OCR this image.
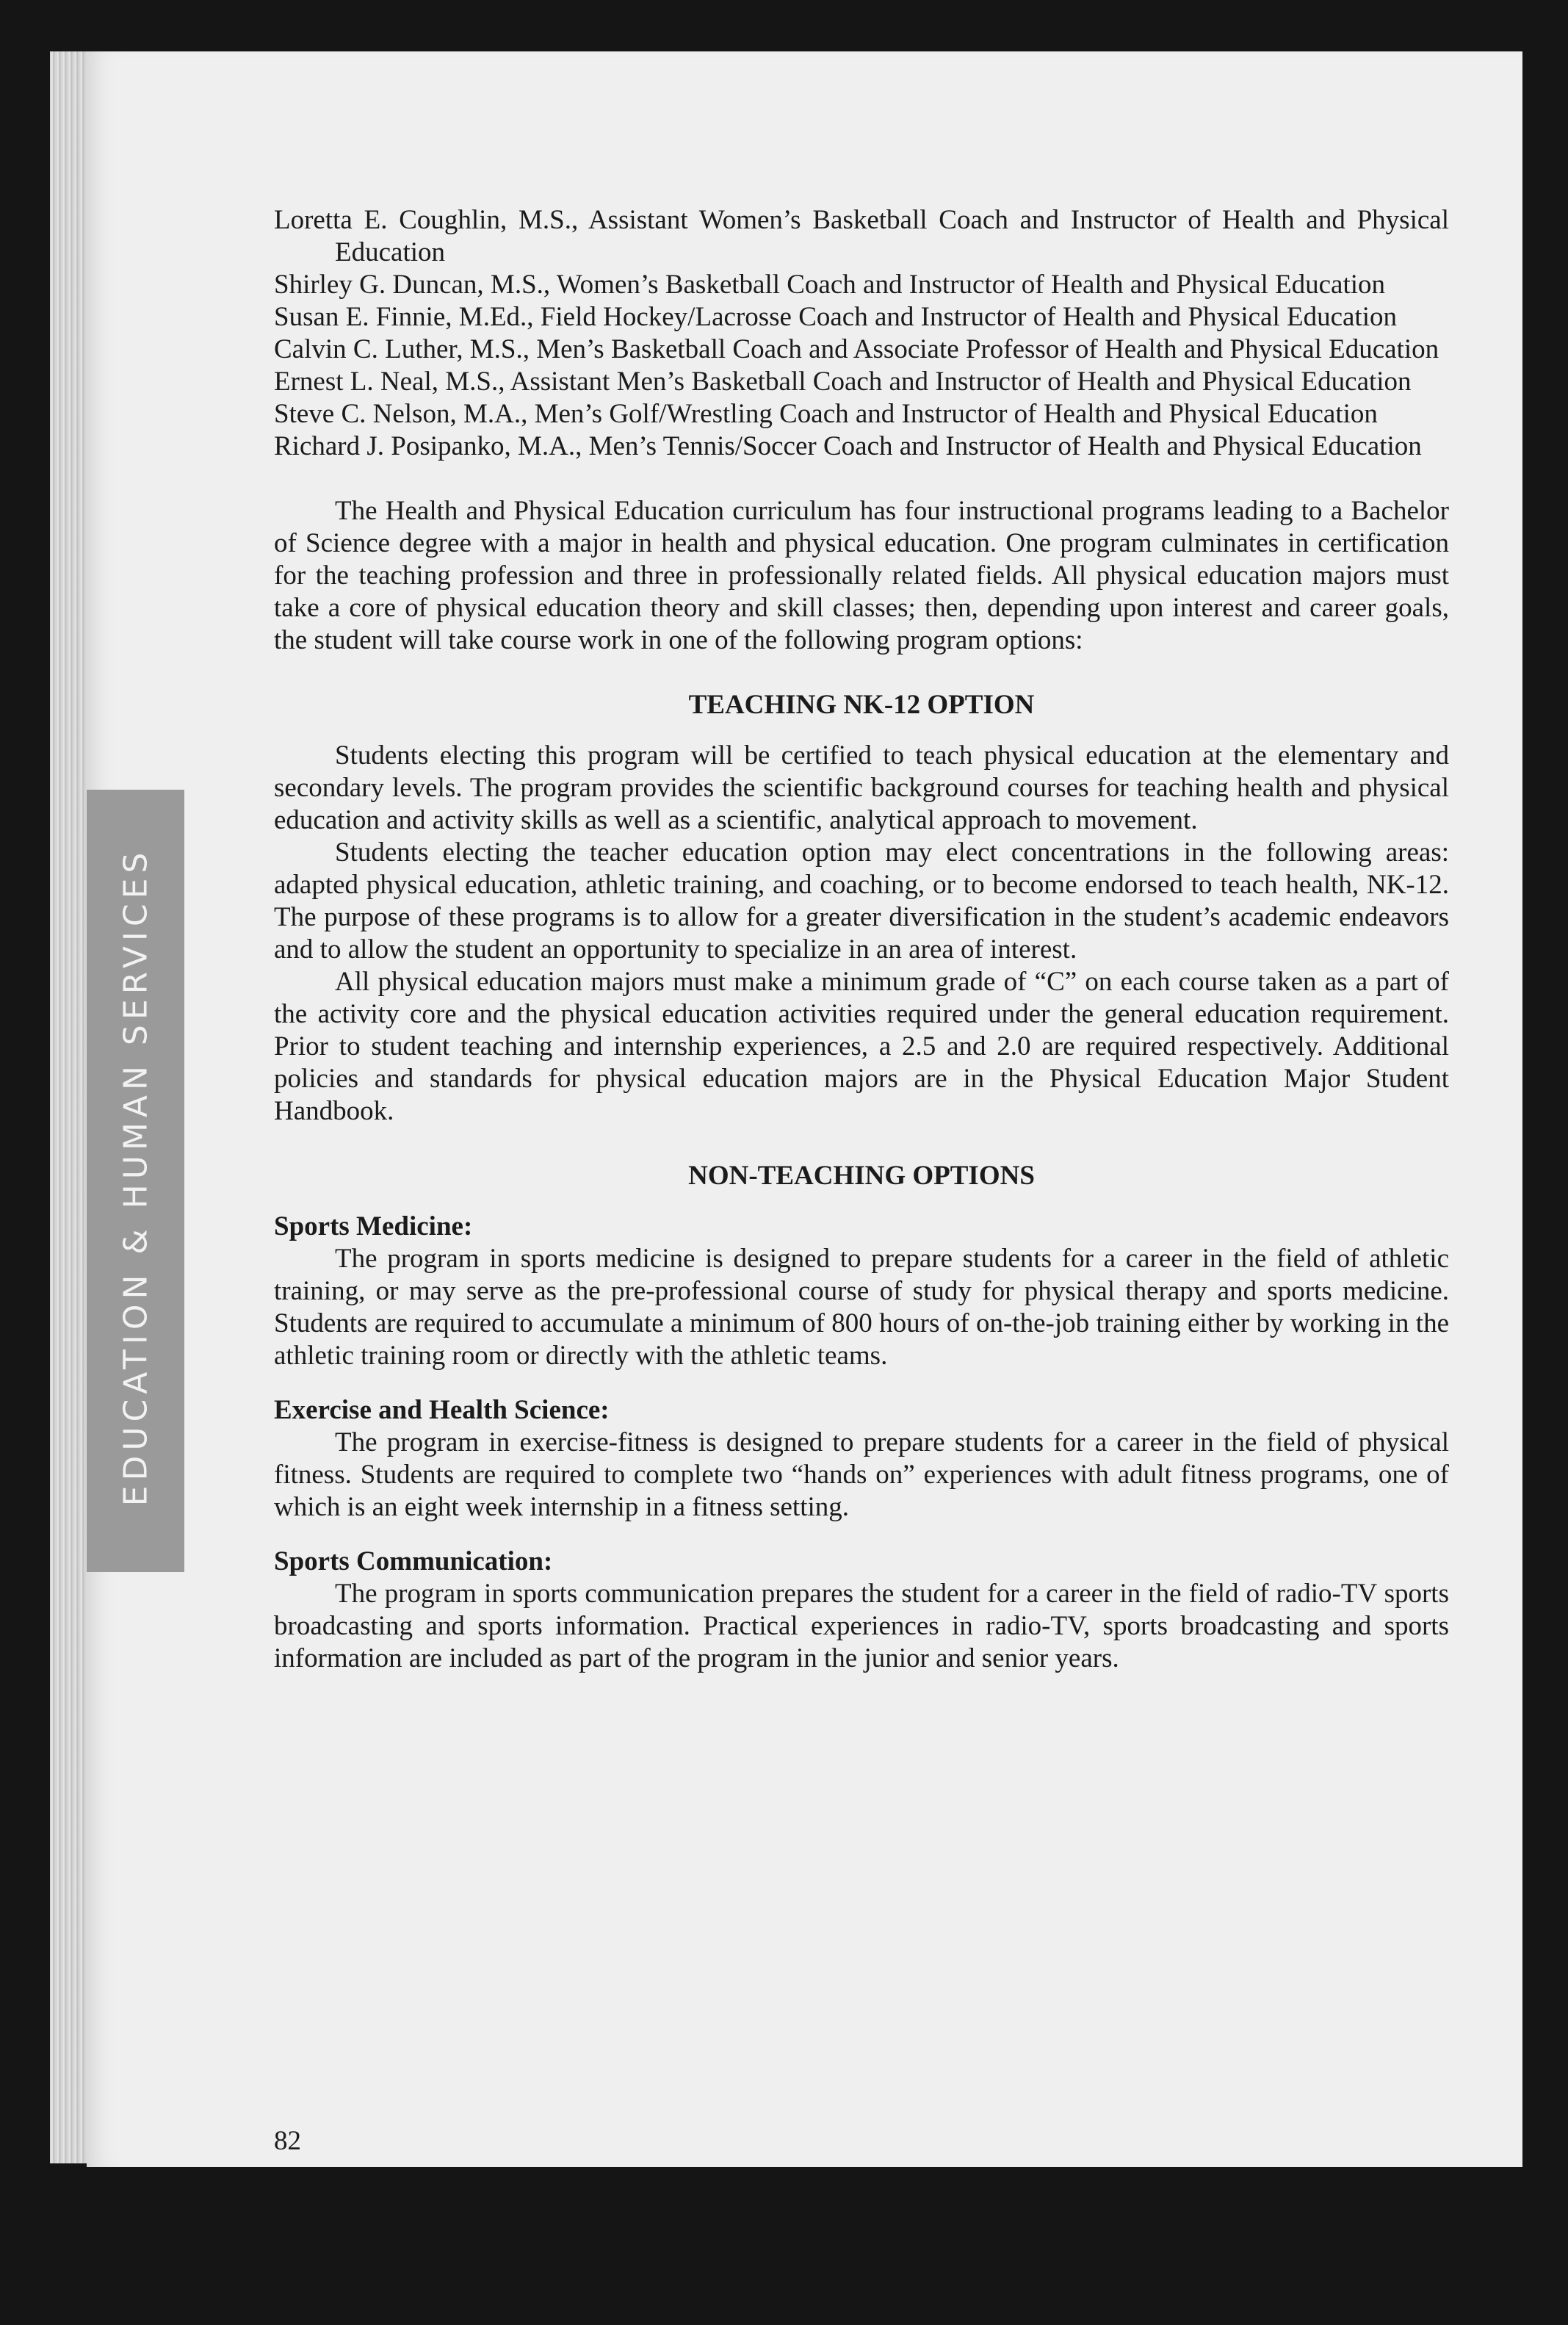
EDUCATION & HUMAN SERVICES

Loretta E. Coughlin, M.S., Assistant Women’s Basketball Coach and Instructor of Health and Physical Education

Shirley G. Duncan, M.S., Women’s Basketball Coach and Instructor of Health and Physical Education

Susan E. Finnie, M.Ed., Field Hockey/Lacrosse Coach and Instructor of Health and Physical Education

Calvin C. Luther, M.S., Men’s Basketball Coach and Associate Professor of Health and Physical Education

Ernest L. Neal, M.S., Assistant Men’s Basketball Coach and Instructor of Health and Physical Education

Steve C. Nelson, M.A., Men’s Golf/Wrestling Coach and Instructor of Health and Physical Education

Richard J. Posipanko, M.A., Men’s Tennis/Soccer Coach and Instructor of Health and Physical Education

The Health and Physical Education curriculum has four instructional programs leading to a Bachelor of Science degree with a major in health and physical education. One program culminates in certification for the teaching profession and three in professionally related fields. All physical education majors must take a core of physical education theory and skill classes; then, depending upon interest and career goals, the student will take course work in one of the following program options:

TEACHING NK-12 OPTION

Students electing this program will be certified to teach physical education at the elementary and secondary levels. The program provides the scientific background courses for teaching health and physical education and activity skills as well as a scientific, analytical approach to movement.

Students electing the teacher education option may elect concentrations in the following areas: adapted physical education, athletic training, and coaching, or to become endorsed to teach health, NK-12. The purpose of these programs is to allow for a greater diversification in the student’s academic endeavors and to allow the student an opportunity to specialize in an area of interest.

All physical education majors must make a minimum grade of “C” on each course taken as a part of the activity core and the physical education activities required under the general education requirement. Prior to student teaching and internship experiences, a 2.5 and 2.0 are required respectively. Additional policies and standards for physical education majors are in the Physical Education Major Student Handbook.

NON-TEACHING OPTIONS
Sports Medicine:

The program in sports medicine is designed to prepare students for a career in the field of athletic training, or may serve as the pre-professional course of study for physical therapy and sports medicine. Students are required to accumulate a minimum of 800 hours of on-the-job training either by working in the athletic training room or directly with the athletic teams.

Exercise and Health Science:

The program in exercise-fitness is designed to prepare students for a career in the field of physical fitness. Students are required to complete two “hands on” experiences with adult fitness programs, one of which is an eight week internship in a fitness setting.

Sports Communication:

The program in sports communication prepares the student for a career in the field of radio-TV sports broadcasting and sports information. Practical experiences in radio-TV, sports broadcasting and sports information are included as part of the program in the junior and senior years.

82
